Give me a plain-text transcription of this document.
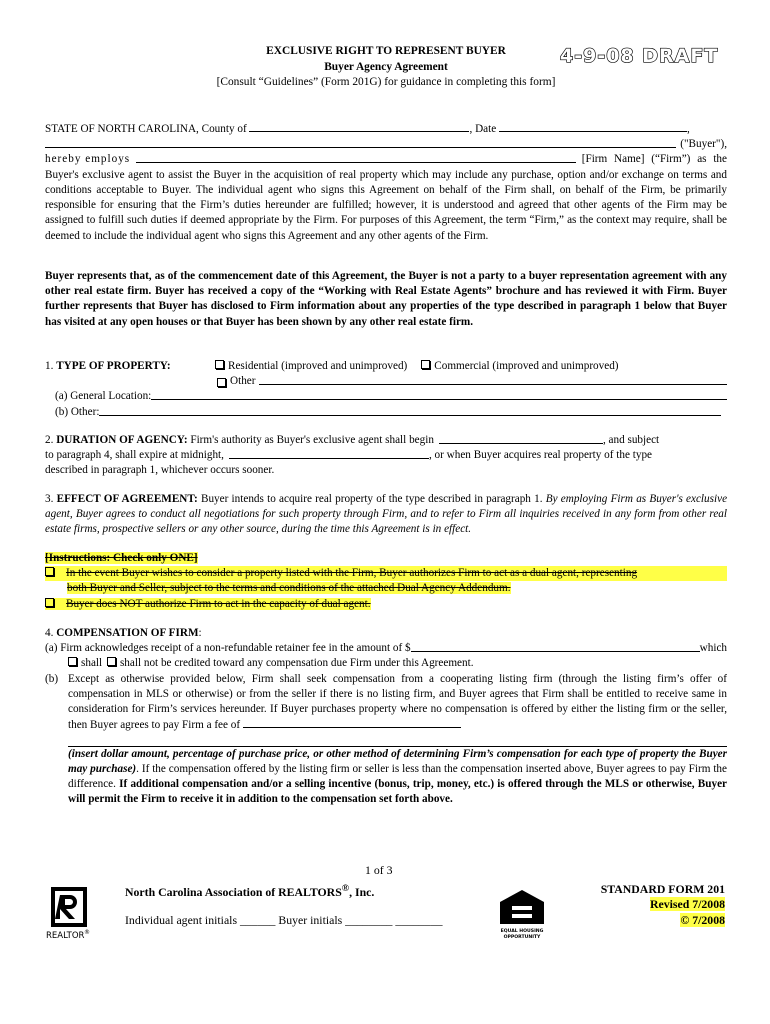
4-9-08 DRAFT
EXCLUSIVE RIGHT TO REPRESENT BUYER
Buyer Agency Agreement
[Consult “Guidelines” (Form 201G) for guidance in completing this form]
STATE OF NORTH CAROLINA, County of	, Date	,
("Buyer"),
hereby employs	[Firm Name] (“Firm”) as the

Buyer's exclusive agent to assist the Buyer in the acquisition of real property which may include any purchase, option and/or exchange on terms and conditions acceptable to Buyer. The individual agent who signs this Agreement on behalf of the Firm shall, on behalf of the Firm, be primarily responsible for ensuring that the Firm’s duties hereunder are fulfilled; however, it is understood and agreed that other agents of the Firm may be assigned to fulfill such duties if deemed appropriate by the Firm. For purposes of this Agreement, the term “Firm,” as the context may require, shall be deemed to include the individual agent who signs this Agreement and any other agents of the Firm.

Buyer represents that, as of the commencement date of this Agreement, the Buyer is not a party to a buyer representation agreement with any other real estate firm. Buyer has received a copy of the “Working with Real Estate Agents” brochure and has reviewed it with Firm. Buyer further represents that Buyer has disclosed to Firm information about any properties of the type described in paragraph 1 below that Buyer has visited at any open houses or that Buyer has been shown by any other real estate firm.

1. TYPE OF PROPERTY:	Residential (improved and unimproved)	Commercial (improved and unimproved)
Other
(a) General Location:
(b) Other:
2.
DURATION OF AGENCY:
Firm's authority as Buyer's exclusive agent shall begin	, and subject
to paragraph 4, shall expire at midnight,	, or when Buyer acquires real property of the type
described in paragraph 1, whichever occurs sooner.

3. EFFECT OF AGREEMENT: Buyer intends to acquire real property of the type described in paragraph 1. By employing Firm as Buyer's exclusive agent, Buyer agrees to conduct all negotiations for such property through Firm, and to refer to Firm all inquiries received in any form from other real estate firms, prospective sellers or any other source, during the time this Agreement is in effect.

[Instructions: Check only ONE]
In the event Buyer wishes to consider a property listed with the Firm, Buyer authorizes Firm to act as a dual agent, representing
both Buyer and Seller, subject to the terms and conditions of the attached Dual Agency Addendum.
Buyer does NOT authorize Firm to act in the capacity of dual agent.
4. COMPENSATION OF FIRM:
(a) Firm acknowledges receipt of a non-refundable retainer fee in the amount of $	which
shall shall not be credited toward any compensation due Firm under this Agreement.
(b) Except as otherwise provided below, Firm shall seek compensation from a cooperating listing firm (through the listing firm’s offer of compensation in MLS or otherwise) or from the seller if there is no listing firm, and Buyer agrees that Firm shall be entitled to receive same in consideration for Firm’s services hereunder. If Buyer purchases property where no compensation is offered by either the listing firm or the seller, then Buyer agrees to pay Firm a fee of

(insert dollar amount, percentage of purchase price, or other method of determining Firm’s compensation for each type of property the Buyer may purchase). If the compensation offered by the listing firm or seller is less than the compensation inserted above, Buyer agrees to pay Firm the difference. If additional compensation and/or a selling incentive (bonus, trip, money, etc.) is offered through the MLS or otherwise, Buyer will permit the Firm to receive it in addition to the compensation set forth above.

1 of 3
REALTOR ®
North Carolina Association of REALTORS®, Inc.
Individual agent initials ______ Buyer initials ________ ________
EQUAL HOUSING
OPPORTUNITY
STANDARD FORM 201
Revised 7/2008
© 7/2008
